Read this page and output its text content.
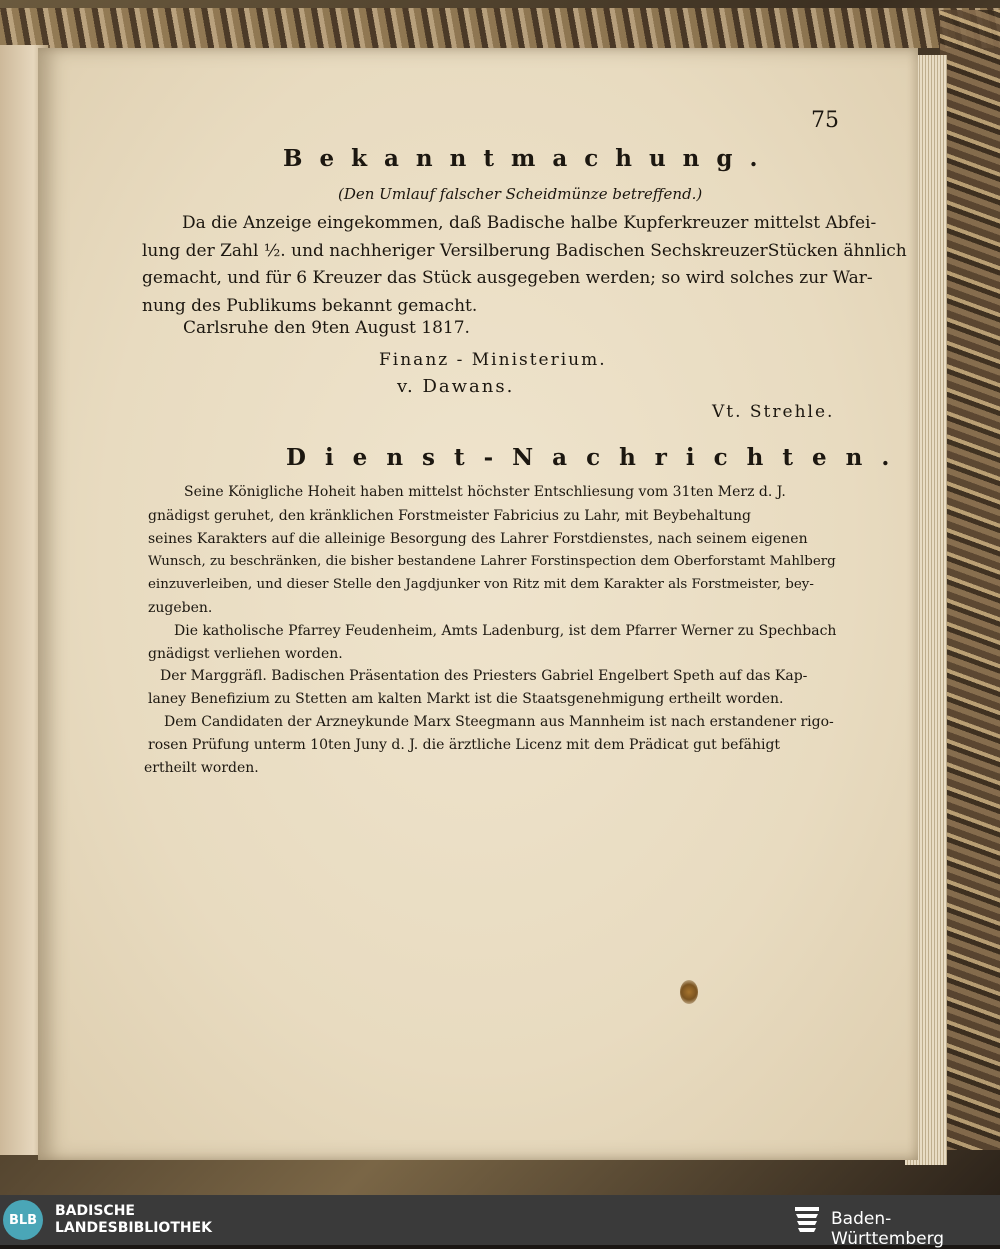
75
Bekanntmachung.
(Den Umlauf falscher Scheidmünze betreffend.)
Da die Anzeige eingekommen, daß Badische halbe Kupferkreuzer mittelst Abfei-
lung der Zahl ½. und nachheriger Versilberung Badischen SechskreuzerStücken ähnlich
gemacht, und für 6 Kreuzer das Stück ausgegeben werden; so wird solches zur War-
nung des Publikums bekannt gemacht.
Carlsruhe den 9ten August 1817.
Finanz - Ministerium.
v. Dawans.
Vt. Strehle.
Dienst-Nachrichten.
Seine Königliche Hoheit haben mittelst höchster Entschliesung vom 31ten Merz d. J.
gnädigst geruhet, den kränklichen Forstmeister Fabricius zu Lahr, mit Beybehaltung
seines Karakters auf die alleinige Besorgung des Lahrer Forstdienstes, nach seinem eigenen
Wunsch, zu beschränken, die bisher bestandene Lahrer Forstinspection dem Oberforstamt Mahlberg
einzuverleiben, und dieser Stelle den Jagdjunker von Ritz mit dem Karakter als Forstmeister, bey-
zugeben.
Die katholische Pfarrey Feudenheim, Amts Ladenburg, ist dem Pfarrer Werner zu Spechbach
gnädigst verliehen worden.
Der Marggräfl. Badischen Präsentation des Priesters Gabriel Engelbert Speth auf das Kap-
laney Benefizium zu Stetten am kalten Markt ist die Staatsgenehmigung ertheilt worden.
Dem Candidaten der Arzneykunde Marx Steegmann aus Mannheim ist nach erstandener rigo-
rosen Prüfung unterm 10ten Juny d. J. die ärztliche Licenz mit dem Prädicat gut befähigt
ertheilt worden.
BLB
BADISCHE
LANDESBIBLIOTHEK	Baden-Württemberg
